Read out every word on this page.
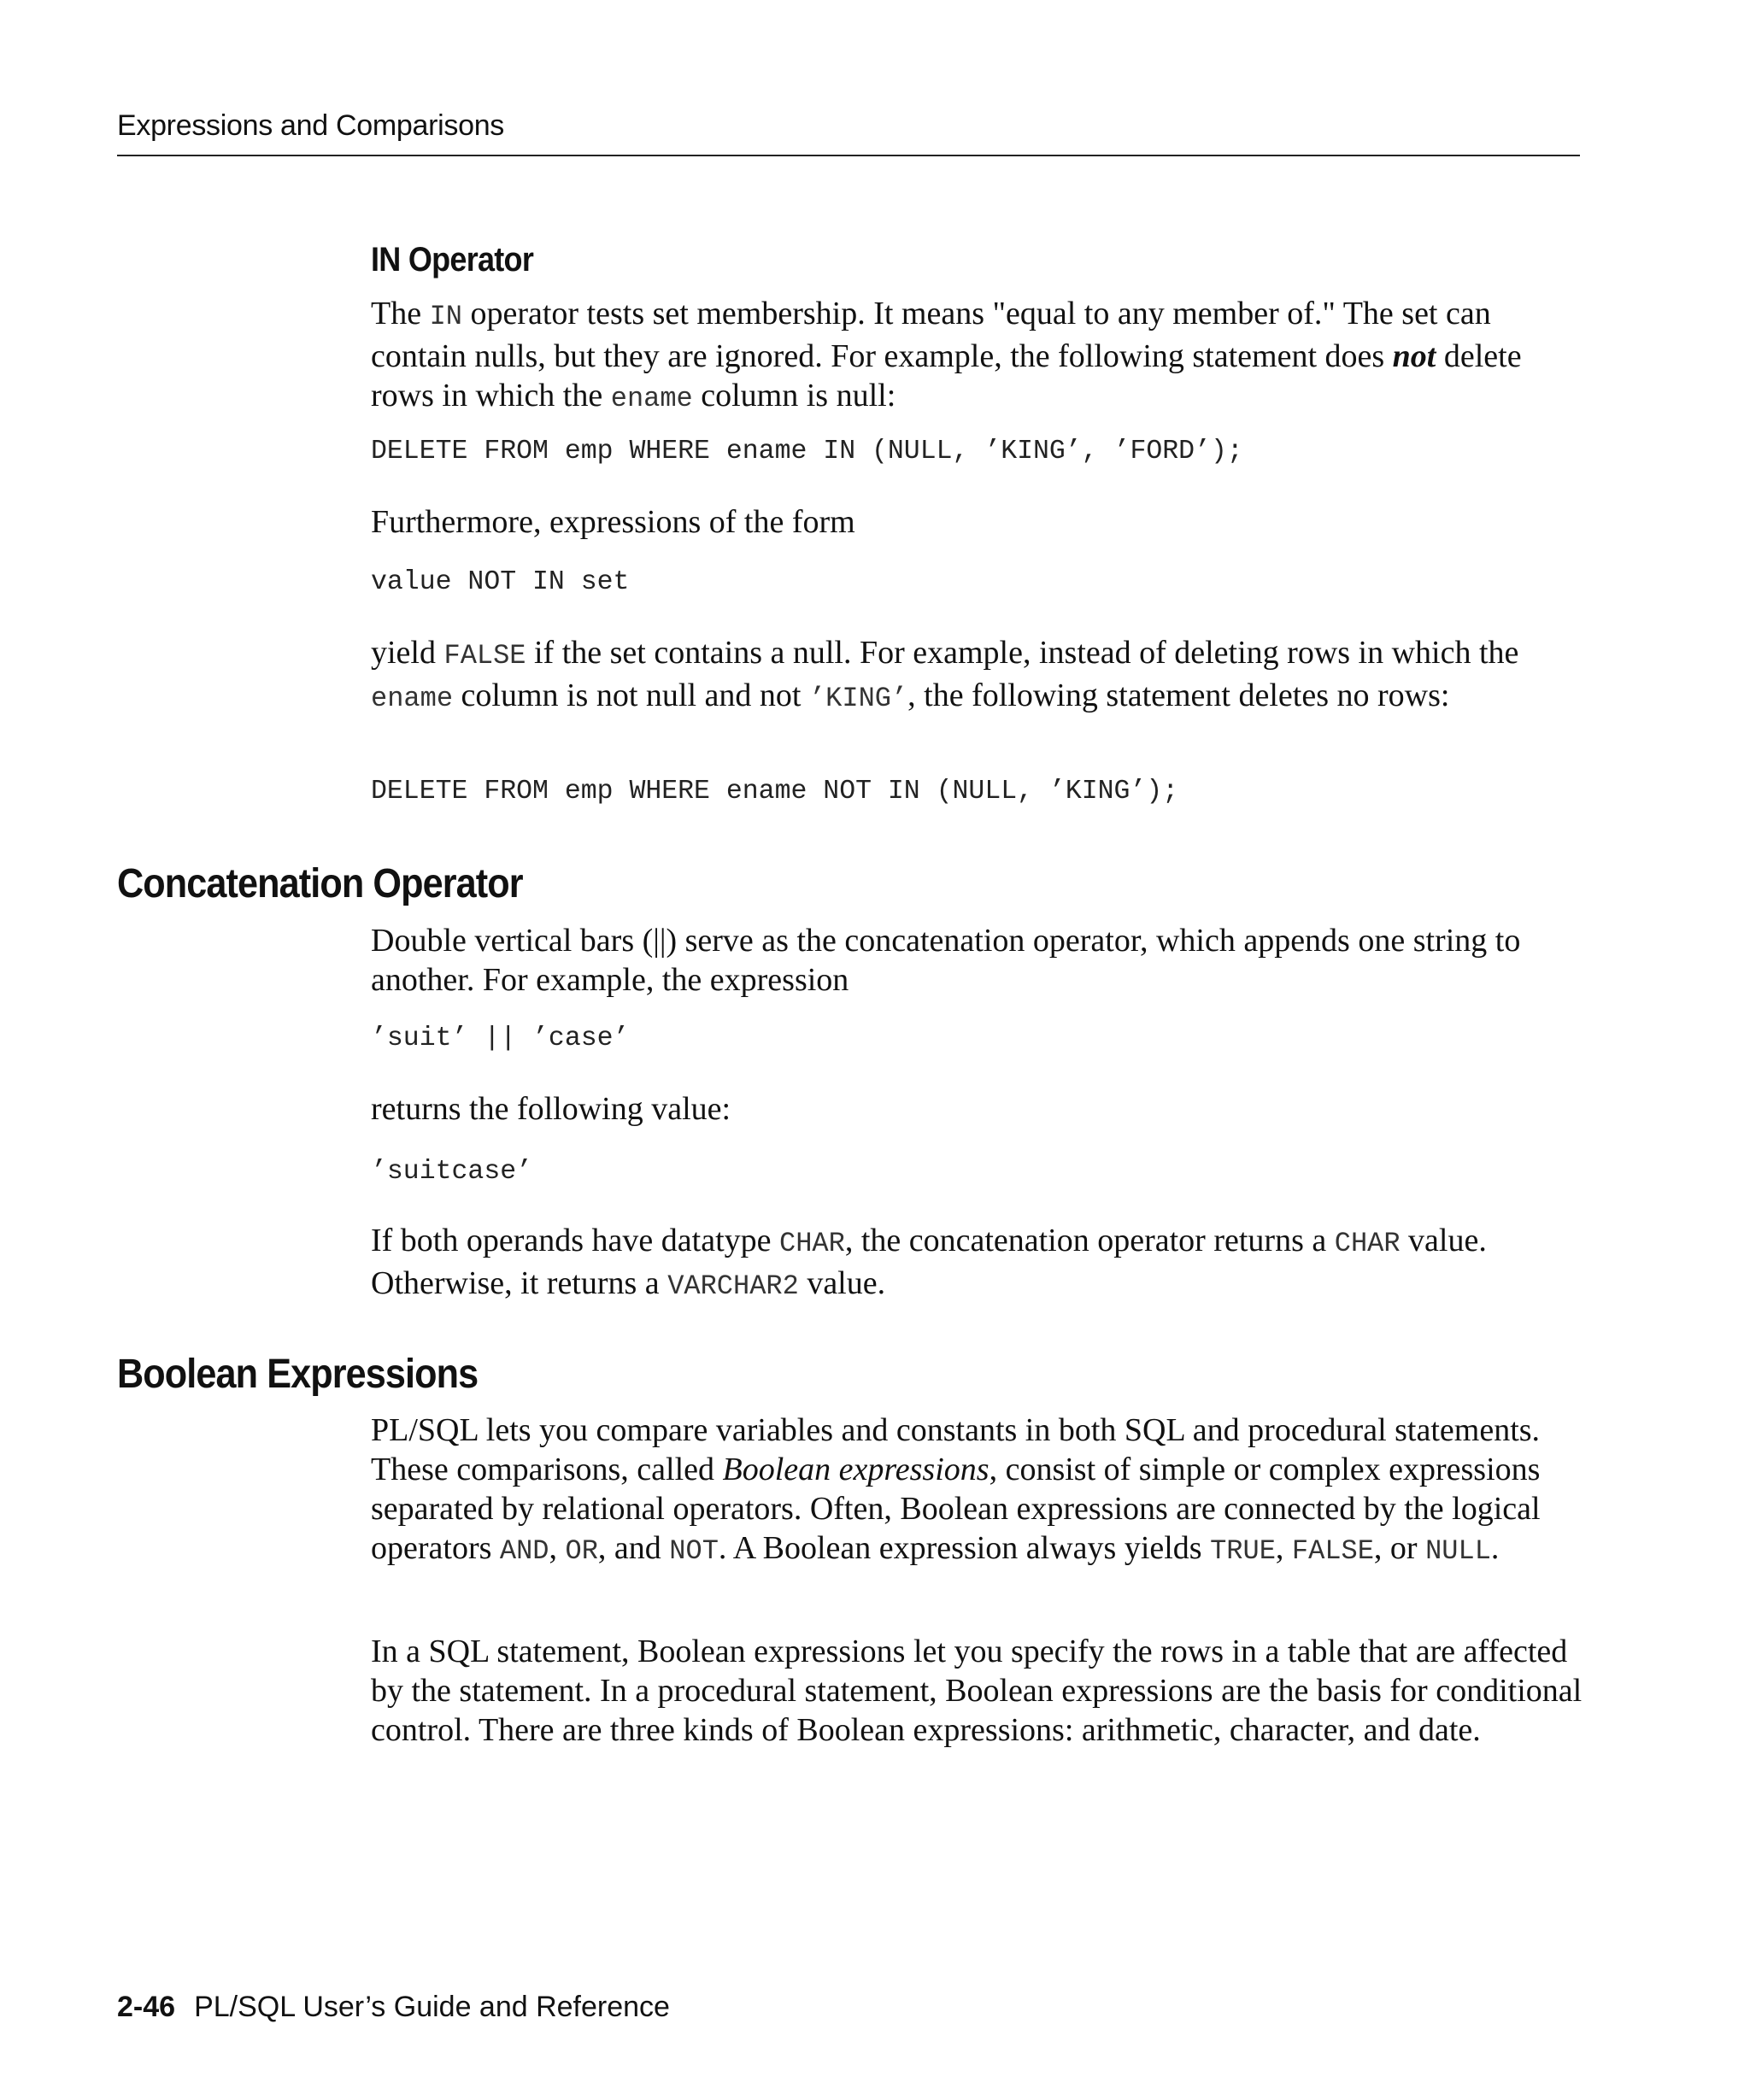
Expressions and Comparisons
IN Operator
The IN operator tests set membership. It means "equal to any member of." The set can contain nulls, but they are ignored. For example, the following statement does not delete rows in which the ename column is null:
DELETE FROM emp WHERE ename IN (NULL, ’KING’, ’FORD’);
Furthermore, expressions of the form
value NOT IN set
yield FALSE if the set contains a null. For example, instead of deleting rows in which the ename column is not null and not ’KING’, the following statement deletes no rows:
DELETE FROM emp WHERE ename NOT IN (NULL, ’KING’);
Concatenation Operator
Double vertical bars (||) serve as the concatenation operator, which appends one string to another. For example, the expression
’suit’ || ’case’
returns the following value:
’suitcase’
If both operands have datatype CHAR, the concatenation operator returns a CHAR value. Otherwise, it returns a VARCHAR2 value.
Boolean Expressions
PL/SQL lets you compare variables and constants in both SQL and procedural statements. These comparisons, called Boolean expressions, consist of simple or complex expressions separated by relational operators. Often, Boolean expressions are connected by the logical operators AND, OR, and NOT. A Boolean expression always yields TRUE, FALSE, or NULL.
In a SQL statement, Boolean expressions let you specify the rows in a table that are affected by the statement. In a procedural statement, Boolean expressions are the basis for conditional control. There are three kinds of Boolean expressions: arithmetic, character, and date.
2-46 PL/SQL User’s Guide and Reference
